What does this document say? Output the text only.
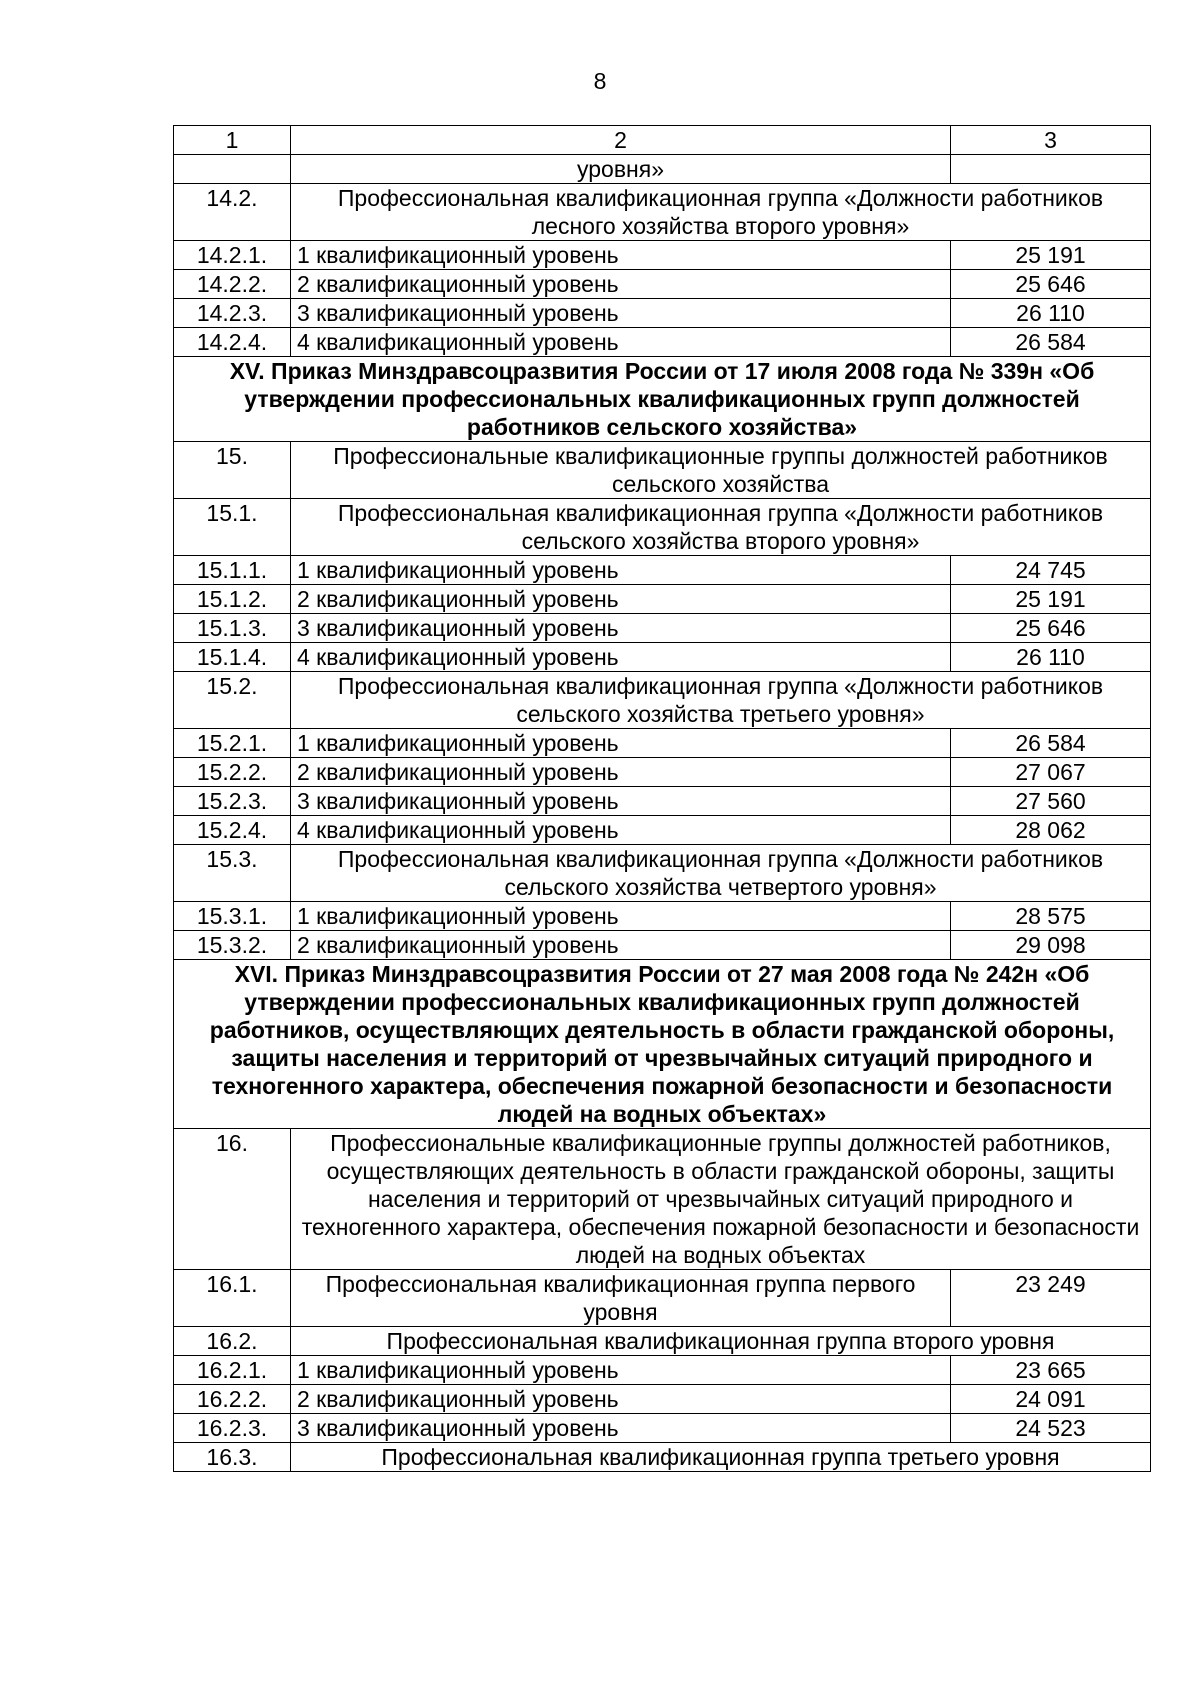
8
1	2	3
	уровня»	
14.2.	Профессиональная квалификационная группа «Должности работников лесного хозяйства второго уровня»	
14.2.1.	1 квалификационный уровень	25 191
14.2.2.	2 квалификационный уровень	25 646
14.2.3.	3 квалификационный уровень	26 110
14.2.4.	4 квалификационный уровень	26 584
XV. Приказ Минздравсоцразвития России от 17 июля 2008 года № 339н «Об утверждении профессиональных квалификационных групп должностей работников сельского хозяйства»		
15.	Профессиональные квалификационные группы должностей работников сельского хозяйства	
15.1.	Профессиональная квалификационная группа «Должности работников сельского хозяйства второго уровня»	
15.1.1.	1 квалификационный уровень	24 745
15.1.2.	2 квалификационный уровень	25 191
15.1.3.	3 квалификационный уровень	25 646
15.1.4.	4 квалификационный уровень	26 110
15.2.	Профессиональная квалификационная группа «Должности работников сельского хозяйства третьего уровня»	
15.2.1.	1 квалификационный уровень	26 584
15.2.2.	2 квалификационный уровень	27 067
15.2.3.	3 квалификационный уровень	27 560
15.2.4.	4 квалификационный уровень	28 062
15.3.	Профессиональная квалификационная группа «Должности работников сельского хозяйства четвертого уровня»	
15.3.1.	1 квалификационный уровень	28 575
15.3.2.	2 квалификационный уровень	29 098
XVI. Приказ Минздравсоцразвития России от 27 мая 2008 года № 242н «Об утверждении профессиональных квалификационных групп должностей работников, осуществляющих деятельность в области гражданской обороны, защиты населения и территорий от чрезвычайных ситуаций природного и техногенного характера, обеспечения пожарной безопасности и безопасности людей на водных объектах»		
16.	Профессиональные квалификационные группы должностей работников, осуществляющих деятельность в области гражданской обороны, защиты населения и территорий от чрезвычайных ситуаций природного и техногенного характера, обеспечения пожарной безопасности и безопасности людей на водных объектах	
16.1.	Профессиональная квалификационная группа первого уровня	23 249
16.2.	Профессиональная квалификационная группа второго уровня	
16.2.1.	1 квалификационный уровень	23 665
16.2.2.	2 квалификационный уровень	24 091
16.2.3.	3 квалификационный уровень	24 523
16.3.	Профессиональная квалификационная группа третьего уровня	
